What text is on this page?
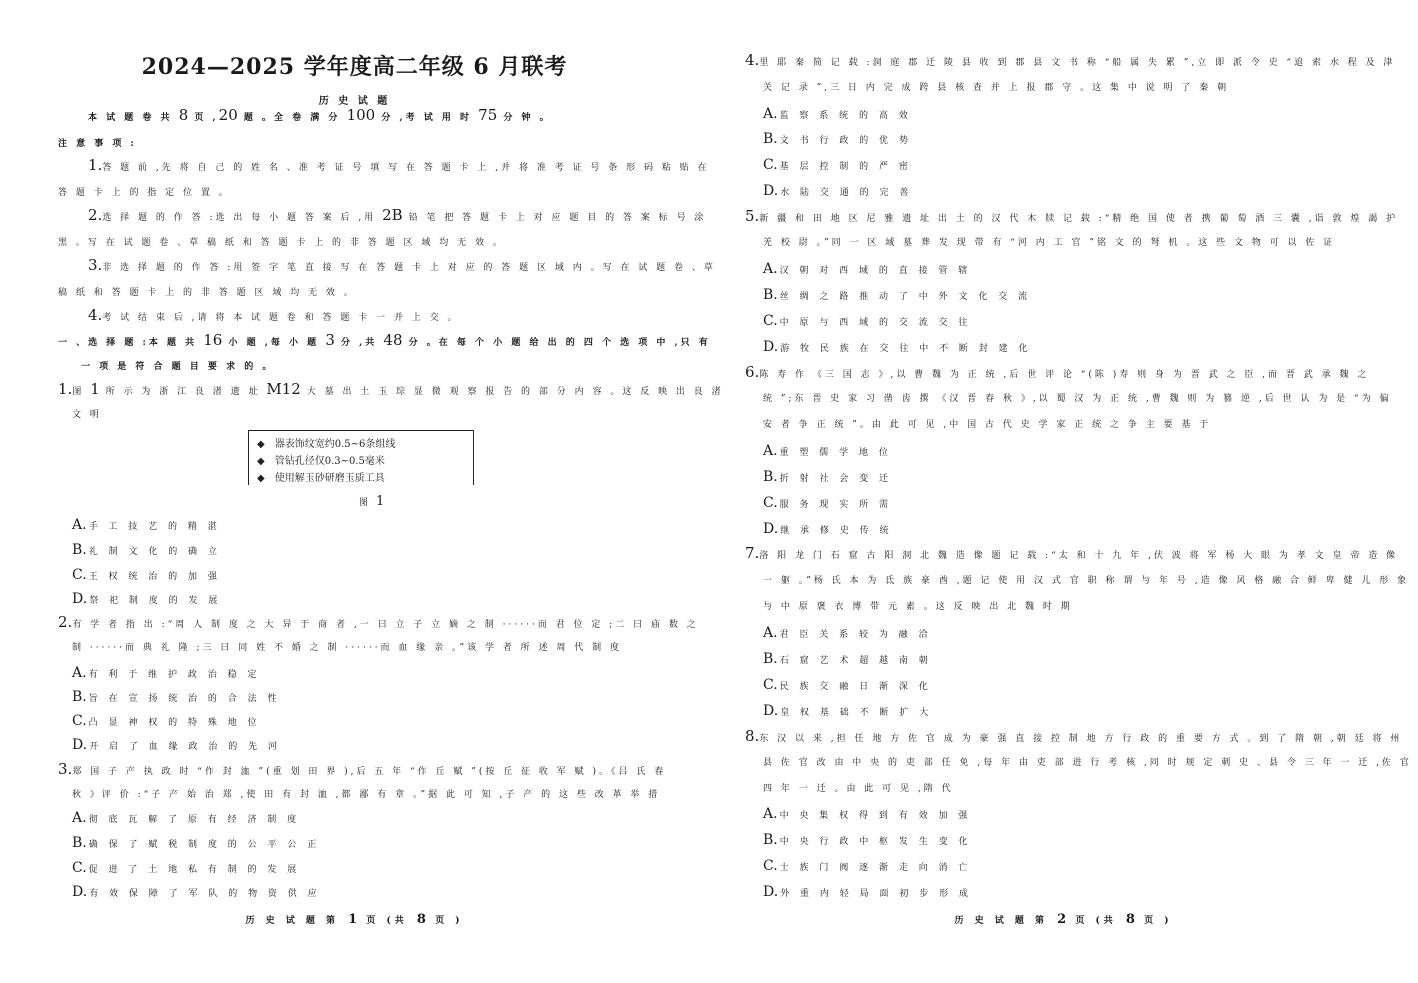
2024—2025 学年度高二年级 6 月联考
历 史 试 题
本 试 题 卷 共 8 页 ,20 题 。全 卷 满 分 100 分 ,考 试 用 时 75 分 钟 。
注 意 事 项 :
1.答 题 前 ,先 将 自 己 的 姓 名 、准 考 证 号 填 写 在 答 题 卡 上 ,并 将 准 考 证 号 条 形 码 粘 贴 在
答 题 卡 上 的 指 定 位 置 。
2.选 择 题 的 作 答 :选 出 每 小 题 答 案 后 ,用 2B 铅 笔 把 答 题 卡 上 对 应 题 目 的 答 案 标 号 涂
黑 。写 在 试 题 卷 、草 稿 纸 和 答 题 卡 上 的 非 答 题 区 域 均 无 效 。
3.非 选 择 题 的 作 答 :用 签 字 笔 直 接 写 在 答 题 卡 上 对 应 的 答 题 区 域 内 。写 在 试 题 卷 、草
稿 纸 和 答 题 卡 上 的 非 答 题 区 域 均 无 效 。
4.考 试 结 束 后 ,请 将 本 试 题 卷 和 答 题 卡 一 并 上 交 。
一 、选 择 题 :本 题 共 16 小 题 ,每 小 题 3 分 ,共 48 分 。在 每 个 小 题 给 出 的 四 个 选 项 中 ,只 有
一 项 是 符 合 题 目 要 求 的 。
1.图 1 所 示 为 浙 江 良 渚 遗 址 M12 大 墓 出 土 玉 琮 显 微 观 察 报 告 的 部 分 内 容 。这 反 映 出 良 渚
文 明
◆ 器表饰纹宽约0.5~6条组线
◆ 管钻孔径仅0.3~0.5毫米
◆ 使用解玉砂研磨玉质工具
图 1
A. 手 工 技 艺 的 精 湛
B. 礼 制 文 化 的 确 立
C. 王 权 统 治 的 加 强
D. 祭 祀 制 度 的 发 展
2.有 学 者 指 出 :“周 人 制 度 之 大 异 于 商 者 ,一 曰 立 子 立 嫡 之 制 ······而 君 位 定 ;二 曰 庙 数 之
制 ······而 典 礼 隆 ;三 曰 同 姓 不 婚 之 制 ······而 血 缘 亲 。”该 学 者 所 述 周 代 制 度
A. 有 利 于 维 护 政 治 稳 定
B. 旨 在 宣 扬 统 治 的 合 法 性
C. 凸 显 神 权 的 特 殊 地 位
D. 开 启 了 血 缘 政 治 的 先 河
3.郑 国 子 产 执 政 时 “作 封 洫 ”(重 划 田 界 ),后 五 年 “作 丘 赋 ”(按 丘 征 收 军 赋 )。《吕 氏 春
秋 》评 价 :“子 产 始 治 郑 ,使 田 有 封 洫 ,都 鄙 有 章 。”据 此 可 知 ,子 产 的 这 些 改 革 举 措
A. 彻 底 瓦 解 了 原 有 经 济 制 度
B. 确 保 了 赋 税 制 度 的 公 平 公 正
C. 促 进 了 土 地 私 有 制 的 发 展
D. 有 效 保 障 了 军 队 的 物 资 供 应
历 史 试 题 第 1 页 (共 8 页 )
4.里 耶 秦 简 记 载 :洞 庭 郡 迁 陵 县 收 到 郡 县 文 书 称 “船 属 失 累 ”,立 即 派 令 史 “追 索 水 程 及 津
关 记 录 ”,三 日 内 完 成 跨 县 核 查 并 上 报 郡 守 。这 集 中 说 明 了 秦 朝
A. 监 察 系 统 的 高 效
B. 文 书 行 政 的 优 势
C. 基 层 控 制 的 严 密
D. 水 陆 交 通 的 完 善
5.新 疆 和 田 地 区 尼 雅 遗 址 出 土 的 汉 代 木 牍 记 载 :“精 绝 国 使 者 携 葡 萄 酒 三 囊 ,诣 敦 煌 謁 护
羌 校 尉 。”同 一 区 域 墓 葬 发 现 带 有 “河 内 工 官 ”铭 文 的 弩 机 。这 些 文 物 可 以 佐 证
A. 汉 朝 对 西 域 的 直 接 管 辖
B. 丝 绸 之 路 推 动 了 中 外 文 化 交 流
C. 中 原 与 西 域 的 交 流 交 往
D. 游 牧 民 族 在 交 往 中 不 断 封 建 化
6.陈 寿 作 《三 国 志 》,以 曹 魏 为 正 统 ,后 世 评 论 “(陈 )寿 则 身 为 晋 武 之 臣 ,而 晋 武 承 魏 之
统 ”;东 晋 史 家 习 凿 齿 撰 《汉 晋 春 秋 》,以 蜀 汉 为 正 统 ,曹 魏 则 为 篡 逆 ,后 世 认 为 是 “为 偏
安 者 争 正 统 ”。由 此 可 见 ,中 国 古 代 史 学 家 正 统 之 争 主 要 基 于
A. 重 塑 儒 学 地 位
B. 折 射 社 会 变 迁
C. 服 务 现 实 所 需
D. 继 承 修 史 传 统
7.洛 阳 龙 门 石 窟 古 阳 洞 北 魏 造 像 题 记 载 :“太 和 十 九 年 ,伏 波 将 军 杨 大 眼 为 孝 文 皇 帝 造 像
一 躯 。”杨 氏 本 为 氐 族 豪 酋 ,题 记 使 用 汉 式 官 职 称 谓 与 年 号 ,造 像 风 格 融 合 鲜 卑 健 儿 形 象
与 中 原 褒 衣 博 带 元 素 。这 反 映 出 北 魏 时 期
A. 君 臣 关 系 较 为 融 洽
B. 石 窟 艺 术 超 越 南 朝
C. 民 族 交 融 日 渐 深 化
D. 皇 权 基 础 不 断 扩 大
8.东 汉 以 来 ,担 任 地 方 佐 官 成 为 豪 强 直 接 控 制 地 方 行 政 的 重 要 方 式 。到 了 隋 朝 ,朝 廷 将 州
县 佐 官 改 由 中 央 的 吏 部 任 免 ,每 年 由 吏 部 进 行 考 核 ,同 时 规 定 刺 史 、县 令 三 年 一 迁 ,佐 官
四 年 一 迁 。由 此 可 见 ,隋 代
A. 中 央 集 权 得 到 有 效 加 强
B. 中 央 行 政 中 枢 发 生 变 化
C. 士 族 门 阀 逐 渐 走 向 消 亡
D. 外 重 内 轻 局 面 初 步 形 成
历 史 试 题 第 2 页 (共 8 页 )
